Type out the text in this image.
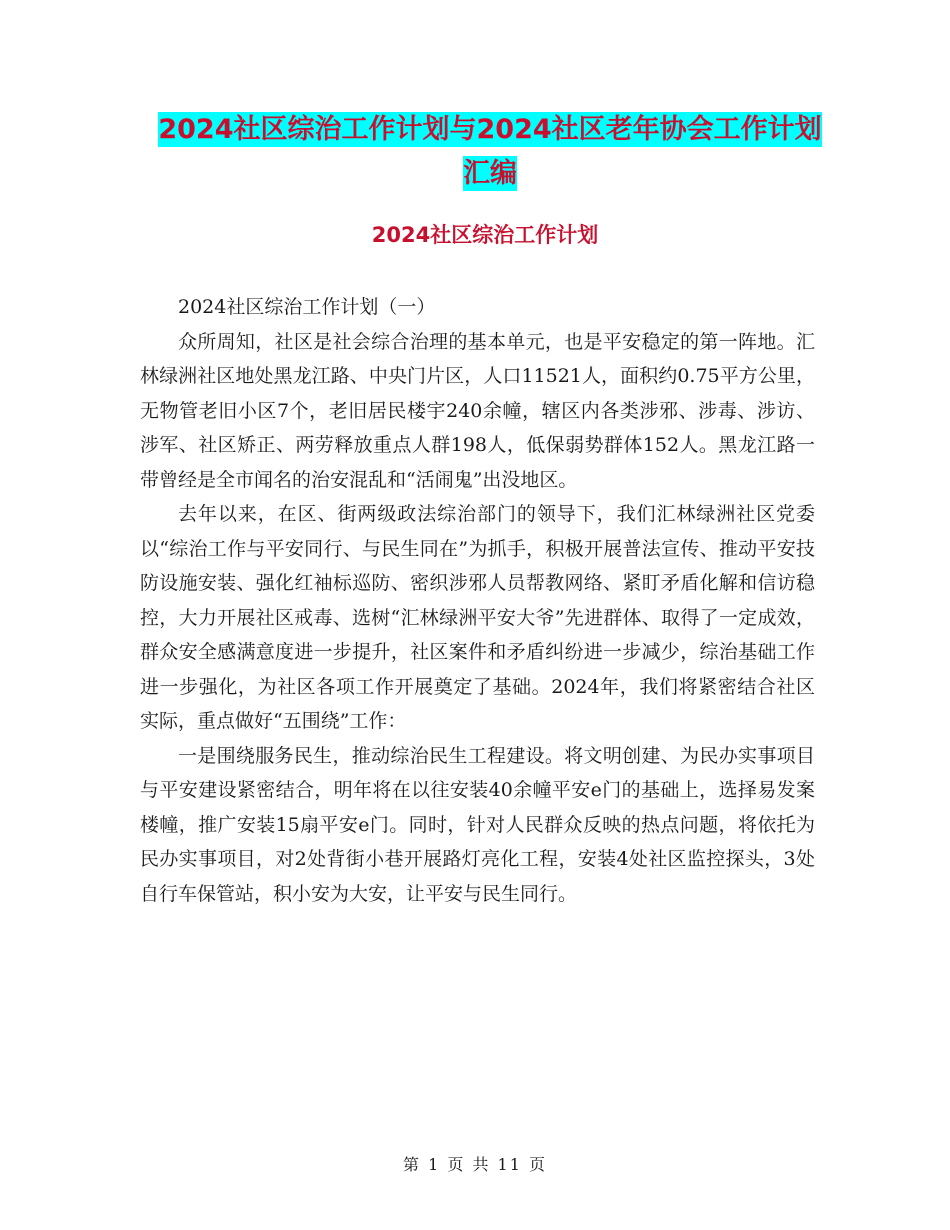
2024社区综治工作计划与2024社区老年协会工作计划
汇编
2024社区综治工作计划

2024社区综治工作计划（一）

众所周知，社区是社会综合治理的基本单元，也是平安稳定的第一阵地。汇林绿洲社区地处黑龙江路、中央门片区，人口11521人，面积约0.75平方公里，无物管老旧小区7个，老旧居民楼宇240余幢，辖区内各类涉邪、涉毒、涉访、涉军、社区矫正、两劳释放重点人群198人，低保弱势群体152人。黑龙江路一带曾经是全市闻名的治安混乱和“活闹鬼”出没地区。

去年以来，在区、街两级政法综治部门的领导下，我们汇林绿洲社区党委以“综治工作与平安同行、与民生同在”为抓手，积极开展普法宣传、推动平安技防设施安装、强化红袖标巡防、密织涉邪人员帮教网络、紧盯矛盾化解和信访稳控，大力开展社区戒毒、选树“汇林绿洲平安大爷”先进群体、取得了一定成效，群众安全感满意度进一步提升，社区案件和矛盾纠纷进一步减少，综治基础工作进一步强化，为社区各项工作开展奠定了基础。2024年，我们将紧密结合社区实际，重点做好“五围绕”工作：

一是围绕服务民生，推动综治民生工程建设。将文明创建、为民办实事项目与平安建设紧密结合，明年将在以往安装40余幢平安e门的基础上，选择易发案楼幢，推广安装15扇平安e门。同时，针对人民群众反映的热点问题，将依托为民办实事项目，对2处背街小巷开展路灯亮化工程，安装4处社区监控探头，3处自行车保管站，积小安为大安，让平安与民生同行。

第 1 页 共 11 页
